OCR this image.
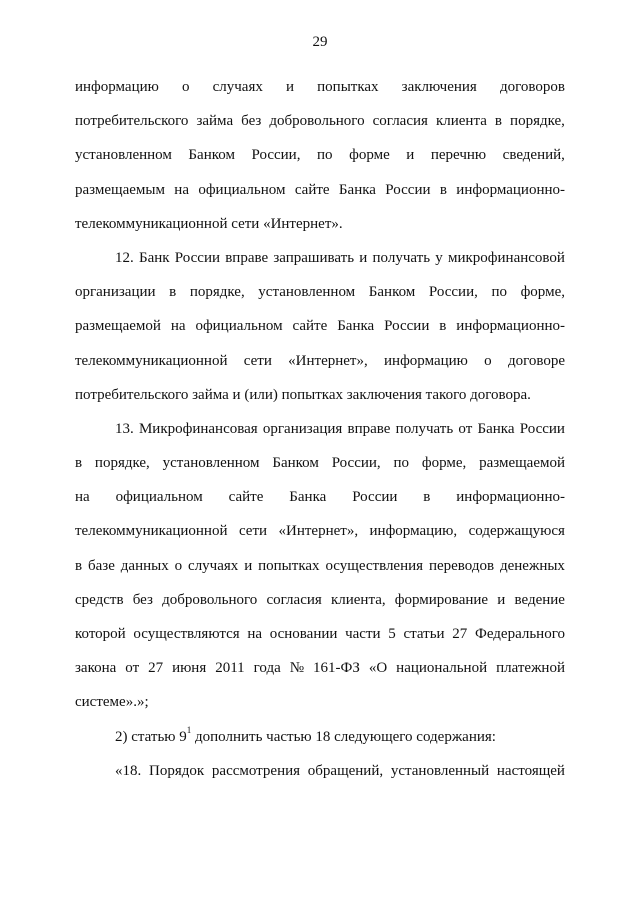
29
информацию о случаях и попытках заключения договоров
потребительского займа без добровольного согласия клиента в порядке,
установленном Банком России, по форме и перечню сведений,
размещаемым на официальном сайте Банка России в информационно-
телекоммуникационной сети «Интернет».
12. Банк России вправе запрашивать и получать у микрофинансовой
организации в порядке, установленном Банком России, по форме,
размещаемой на официальном сайте Банка России в информационно-
телекоммуникационной сети «Интернет», информацию о договоре
потребительского займа и (или) попытках заключения такого договора.
13. Микрофинансовая организация вправе получать от Банка России
в порядке, установленном Банком России, по форме, размещаемой
на официальном сайте Банка России в информационно-
телекоммуникационной сети «Интернет», информацию, содержащуюся
в базе данных о случаях и попытках осуществления переводов денежных
средств без добровольного согласия клиента, формирование и ведение
которой осуществляются на основании части 5 статьи 27 Федерального
закона от 27 июня 2011 года № 161-ФЗ «О национальной платежной
системе».»;
2) статью $9^1$ дополнить частью 18 следующего содержания:
«18. Порядок рассмотрения обращений, установленный настоящей
